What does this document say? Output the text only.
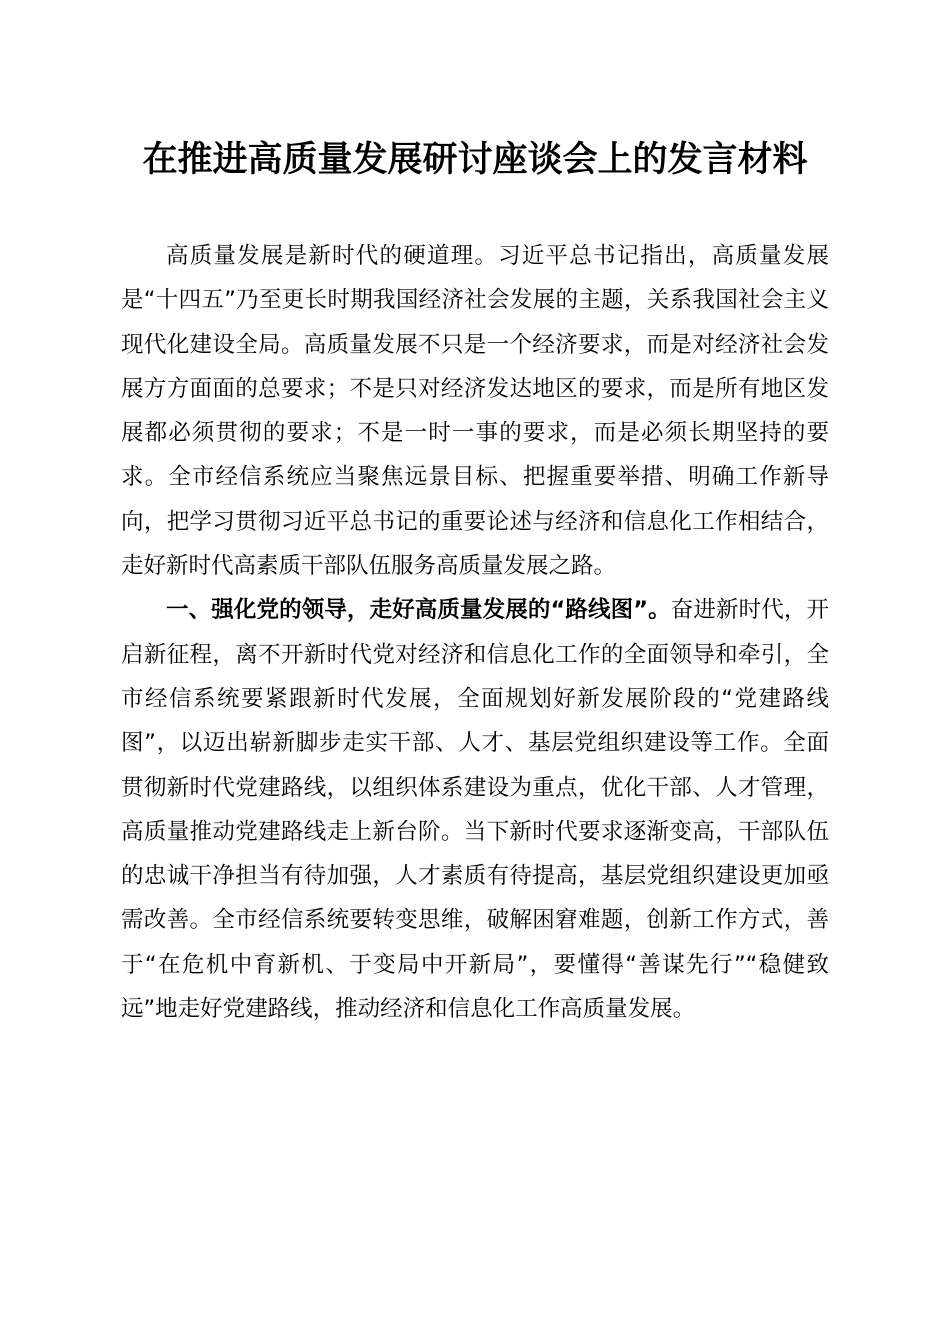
在推进高质量发展研讨座谈会上的发言材料

高质量发展是新时代的硬道理。习近平总书记指出，高质量发展是“十四五”乃至更长时期我国经济社会发展的主题，关系我国社会主义现代化建设全局。高质量发展不只是一个经济要求，而是对经济社会发展方方面面的总要求；不是只对经济发达地区的要求，而是所有地区发展都必须贯彻的要求；不是一时一事的要求，而是必须长期坚持的要求。全市经信系统应当聚焦远景目标、把握重要举措、明确工作新导向，把学习贯彻习近平总书记的重要论述与经济和信息化工作相结合，走好新时代高素质干部队伍服务高质量发展之路。

一、强化党的领导，走好高质量发展的“路线图”。奋进新时代，开启新征程，离不开新时代党对经济和信息化工作的全面领导和牵引，全市经信系统要紧跟新时代发展，全面规划好新发展阶段的“党建路线图”，以迈出崭新脚步走实干部、人才、基层党组织建设等工作。全面贯彻新时代党建路线，以组织体系建设为重点，优化干部、人才管理，高质量推动党建路线走上新台阶。当下新时代要求逐渐变高，干部队伍的忠诚干净担当有待加强，人才素质有待提高，基层党组织建设更加亟需改善。全市经信系统要转变思维，破解困窘难题，创新工作方式，善于“在危机中育新机、于变局中开新局”，要懂得“善谋先行”“稳健致远”地走好党建路线，推动经济和信息化工作高质量发展。
